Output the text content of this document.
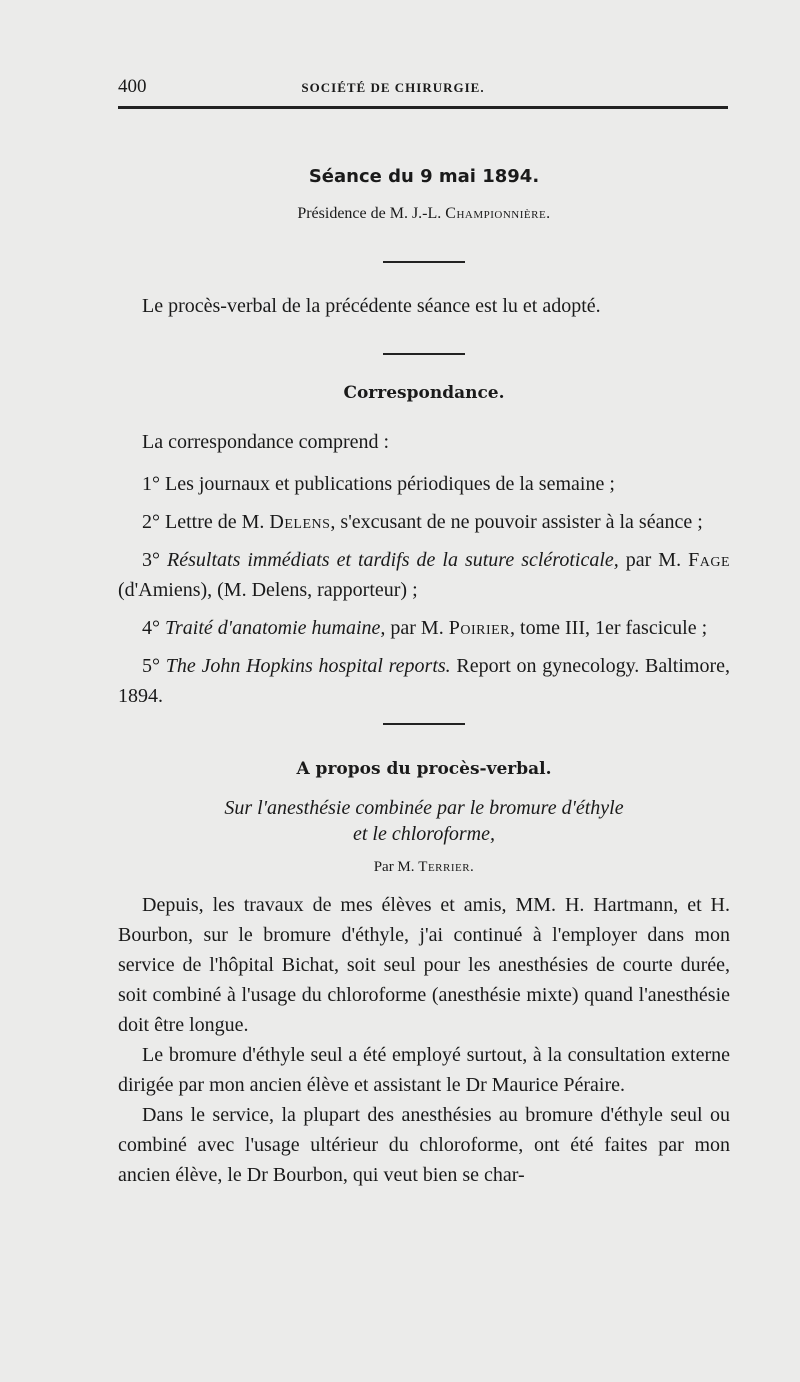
400	SOCIÉTÉ DE CHIRURGIE.
Séance du 9 mai 1894.

Présidence de M. J.-L. Championnière.

Le procès-verbal de la précédente séance est lu et adopté.

Correspondance.

La correspondance comprend :

1° Les journaux et publications périodiques de la semaine ;

2° Lettre de M. Delens, s'excusant de ne pouvoir assister à la séance ;

3° Résultats immédiats et tardifs de la suture scléroticale, par M. Fage (d'Amiens), (M. Delens, rapporteur) ;

4° Traité d'anatomie humaine, par M. Poirier, tome III, 1er fascicule ;

5° The John Hopkins hospital reports. Report on gynecology. Baltimore, 1894.

A propos du procès-verbal.

Sur l'anesthésie combinée par le bromure d'éthyle

et le chloroforme,

Par M. Terrier.

Depuis, les travaux de mes élèves et amis, MM. H. Hartmann, et H. Bourbon, sur le bromure d'éthyle, j'ai continué à l'employer dans mon service de l'hôpital Bichat, soit seul pour les anesthésies de courte durée, soit combiné à l'usage du chloroforme (anesthésie mixte) quand l'anesthésie doit être longue.

Le bromure d'éthyle seul a été employé surtout, à la consultation externe dirigée par mon ancien élève et assistant le Dr Maurice Péraire.

Dans le service, la plupart des anesthésies au bromure d'éthyle seul ou combiné avec l'usage ultérieur du chloroforme, ont été faites par mon ancien élève, le Dr Bourbon, qui veut bien se char-
